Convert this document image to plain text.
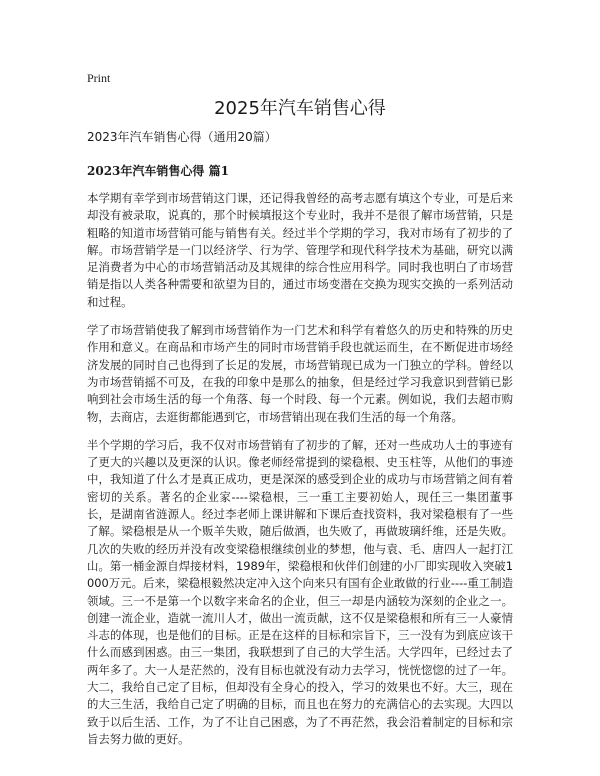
Print
2025年汽车销售心得
2023年汽车销售心得（通用20篇）
2023年汽车销售心得 篇1

本学期有幸学到市场营销这门课，还记得我曾经的高考志愿有填这个专业，可是后来却没有被录取，说真的，那个时候填报这个专业时，我并不是很了解市场营销，只是粗略的知道市场营销可能与销售有关。经过半个学期的学习，我对市场有了初步的了解。市场营销学是一门以经济学、行为学、管理学和现代科学技术为基础，研究以满足消费者为中心的市场营销活动及其规律的综合性应用科学。同时我也明白了市场营销是指以人类各种需要和欲望为目的，通过市场变潜在交换为现实交换的一系列活动和过程。

学了市场营销使我了解到市场营销作为一门艺术和科学有着悠久的历史和特殊的历史作用和意义。在商品和市场产生的同时市场营销手段也就运而生，在不断促进市场经济发展的同时自己也得到了长足的发展，市场营销现已成为一门独立的学科。曾经以为市场营销摇不可及，在我的印象中是那么的抽象，但是经过学习我意识到营销已影响到社会市场生活的每一个角落、每一个时段、每一个元素。例如说，我们去超市购物，去商店，去逛街都能遇到它，市场营销出现在我们生活的每一个角落。

半个学期的学习后，我不仅对市场营销有了初步的了解，还对一些成功人士的事迹有了更大的兴趣以及更深的认识。像老师经常提到的梁稳根、史玉柱等，从他们的事迹中，我知道了什么才是真正成功，更是深深的感受到企业的成功与市场营销之间有着密切的关系。著名的企业家----梁稳根，三一重工主要初始人，现任三一集团董事长，是湖南省涟源人。经过李老师上课讲解和下课后查找资料，我对梁稳根有了一些了解。梁稳根是从一个贩羊失败，随后做酒，也失败了，再做玻璃纤维，还是失败。几次的失败的经历并没有改变梁稳根继续创业的梦想，他与袁、毛、唐四人一起打江山。第一桶金源自焊接材料，1989年，梁稳根和伙伴们创建的小厂即实现收入突破1000万元。后来，梁稳根毅然决定冲入这个向来只有国有企业敢做的行业----重工制造领域。三一不是第一个以数字来命名的企业，但三一却是内涵较为深刻的企业之一。创建一流企业，造就一流川人才，做出一流贡献，这不仅是梁稳根和所有三一人豪情斗志的体现，也是他们的目标。正是在这样的目标和宗旨下，三一没有为到底应该干什么而感到困惑。由三一集团，我联想到了自己的大学生活。大学四年，已经过去了两年多了。大一人是茫然的，没有目标也就没有动力去学习，恍恍惚惚的过了一年。大二，我给自己定了目标，但却没有全身心的投入，学习的效果也不好。大三，现在的大三生活，我给自己定了明确的目标，而且也在努力的充满信心的去实现。大四以致于以后生活、工作，为了不让自己困惑，为了不再茫然，我会沿着制定的目标和宗旨去努力做的更好。
